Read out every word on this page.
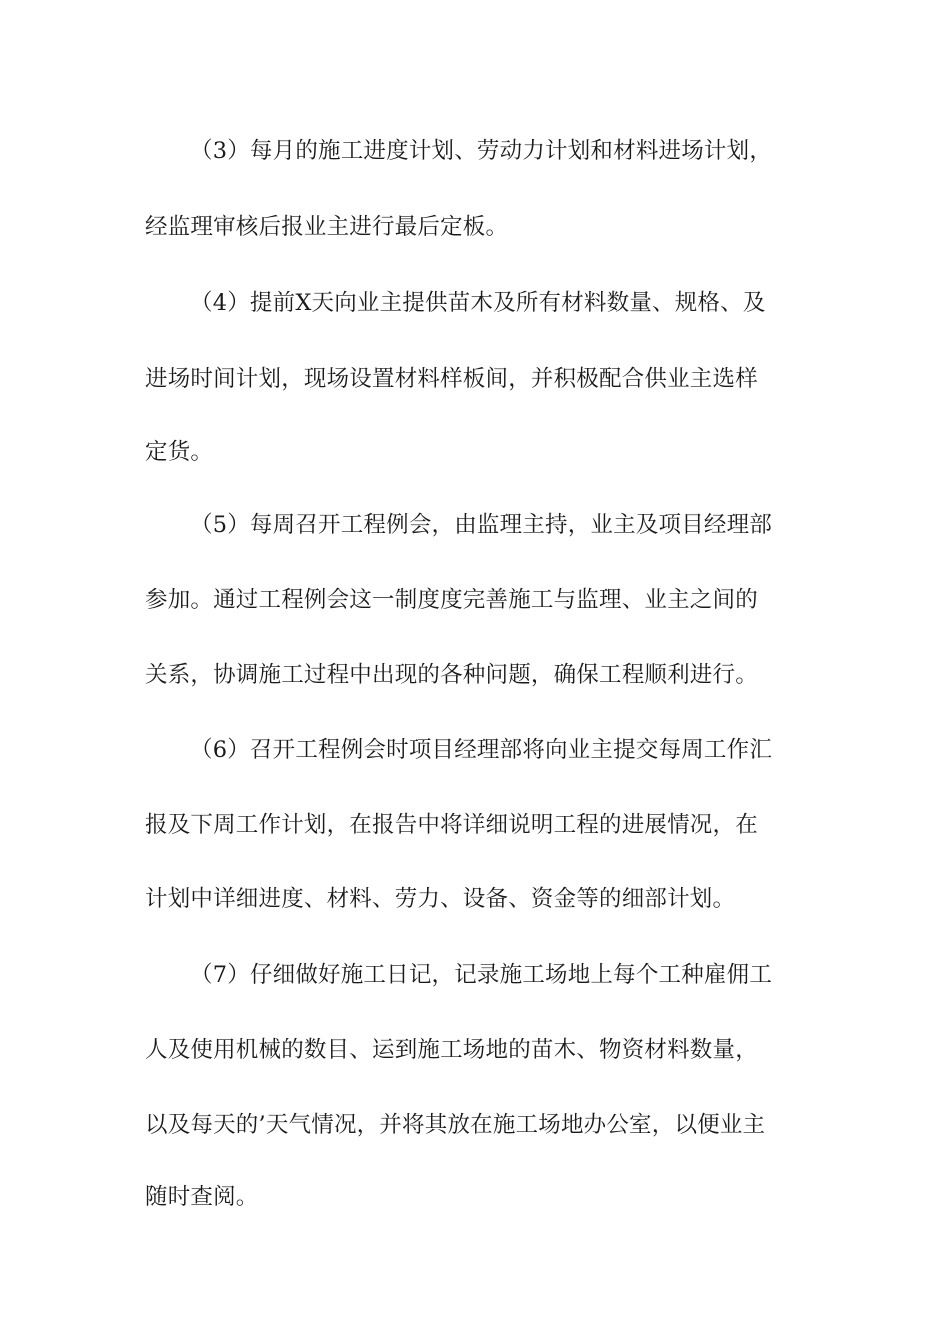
（3）每月的施工进度计划、劳动力计划和材料进场计划，
经监理审核后报业主进行最后定板。
（4）提前X天向业主提供苗木及所有材料数量、规格、及
进场时间计划，现场设置材料样板间，并积极配合供业主选样
定货。
（5）每周召开工程例会，由监理主持，业主及项目经理部
参加。通过工程例会这一制度度完善施工与监理、业主之间的
关系，协调施工过程中出现的各种问题，确保工程顺利进行。
（6）召开工程例会时项目经理部将向业主提交每周工作汇
报及下周工作计划，在报告中将详细说明工程的进展情况，在
计划中详细进度、材料、劳力、设备、资金等的细部计划。
（7）仔细做好施工日记，记录施工场地上每个工种雇佣工
人及使用机械的数目、运到施工场地的苗木、物资材料数量，
以及每天的’天气情况，并将其放在施工场地办公室，以便业主
随时查阅。
